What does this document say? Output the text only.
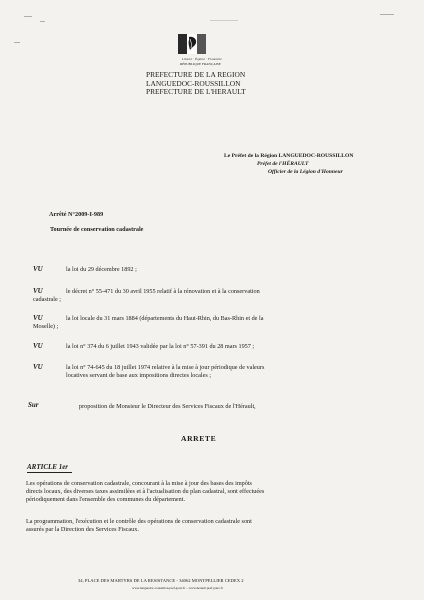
Liberté · Égalité · Fraternité
RÉPUBLIQUE FRANÇAISE
PREFECTURE DE LA REGION
LANGUEDOC-ROUSSILLON
PREFECTURE DE L'HERAULT
Le Préfet de la Région LANGUEDOC-ROUSSILLON
Préfet de l'HÉRAULT
Officier de la Légion d'Honneur
Arrêté N°2009-I-989
Tournée de conservation cadastrale
VU	la loi du 29 décembre 1892 ;
VU	le décret n° 55-471 du 30 avril 1955 relatif à la rénovation et à la conservation
cadastrale ;
VU	la loi locale du 31 mars 1884 (départements du Haut-Rhin, du Bas-Rhin et de la
Moselle) ;
VU	la loi n° 374 du 6 juillet 1943 validée par la loi n° 57-391 du 28 mars 1957 ;
VU	la loi n° 74-645 du 18 juillet 1974 relative à la mise à jour périodique de valeurs
locatives servant de base aux impositions directes locales ;
Sur	proposition de Monsieur le Directeur des Services Fiscaux de l'Hérault,
ARRETE
ARTICLE 1er
Les opérations de conservation cadastrale, concourant à la mise à jour des bases des impôts
directs locaux, des diverses taxes assimilées et à l'actualisation du plan cadastral, sont effectuées
périodiquement dans l'ensemble des communes du département.
La programmation, l'exécution et le contrôle des opérations de conservation cadastrale sont
assurés par la Direction des Services Fiscaux.
34, PLACE DES MARTYRS DE LA RESISTANCE - 34062 MONTPELLIER CEDEX 2
www.languedoc-roussillon.pref.gouv.fr – www.herault.pref.gouv.fr
